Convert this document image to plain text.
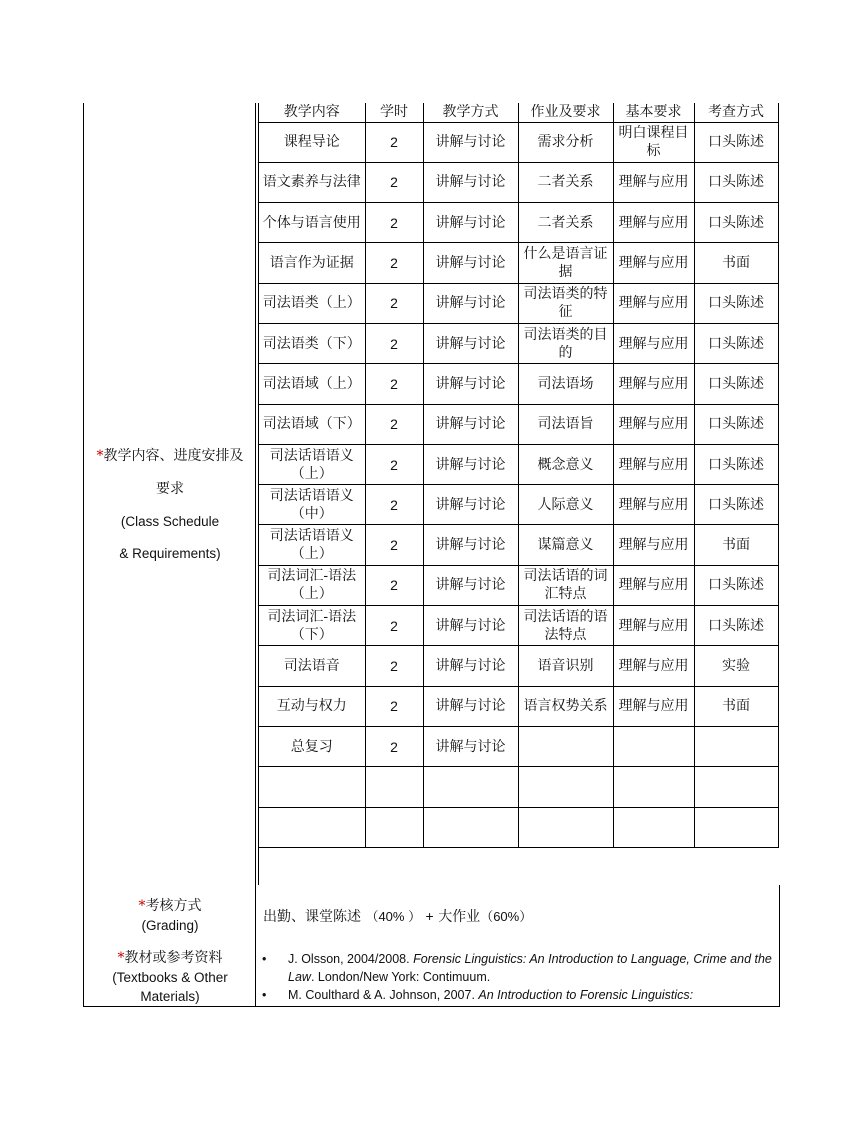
*教学内容、进度安排及
要求
(Class Schedule
& Requirements)
教学内容	学时	教学方式	作业及要求	基本要求	考查方式
课程导论	2	讲解与讨论	需求分析	明白课程目标	口头陈述
语文素养与法律	2	讲解与讨论	二者关系	理解与应用	口头陈述
个体与语言使用	2	讲解与讨论	二者关系	理解与应用	口头陈述
语言作为证据	2	讲解与讨论	什么是语言证据	理解与应用	书面
司法语类（上）	2	讲解与讨论	司法语类的特征	理解与应用	口头陈述
司法语类（下）	2	讲解与讨论	司法语类的目的	理解与应用	口头陈述
司法语域（上）	2	讲解与讨论	司法语场	理解与应用	口头陈述
司法语域（下）	2	讲解与讨论	司法语旨	理解与应用	口头陈述
司法话语语义（上）	2	讲解与讨论	概念意义	理解与应用	口头陈述
司法话语语义（中）	2	讲解与讨论	人际意义	理解与应用	口头陈述
司法话语语义（上）	2	讲解与讨论	谋篇意义	理解与应用	书面
司法词汇-语法（上）	2	讲解与讨论	司法话语的词汇特点	理解与应用	口头陈述
司法词汇-语法（下）	2	讲解与讨论	司法话语的语法特点	理解与应用	口头陈述
司法语音	2	讲解与讨论	语音识别	理解与应用	实验
互动与权力	2	讲解与讨论	语言权势关系	理解与应用	书面
总复习	2	讲解与讨论			

*考核方式
(Grading)
出勤、课堂陈述 （40% ） + 大作业（60%）
*教材或参考资料
(Textbooks & Other
Materials)
• J. Olsson, 2004/2008. Forensic Linguistics: An Introduction to Language, Crime and the Law. London/New York: Contimuum.
• M. Coulthard & A. Johnson, 2007. An Introduction to Forensic Linguistics:
